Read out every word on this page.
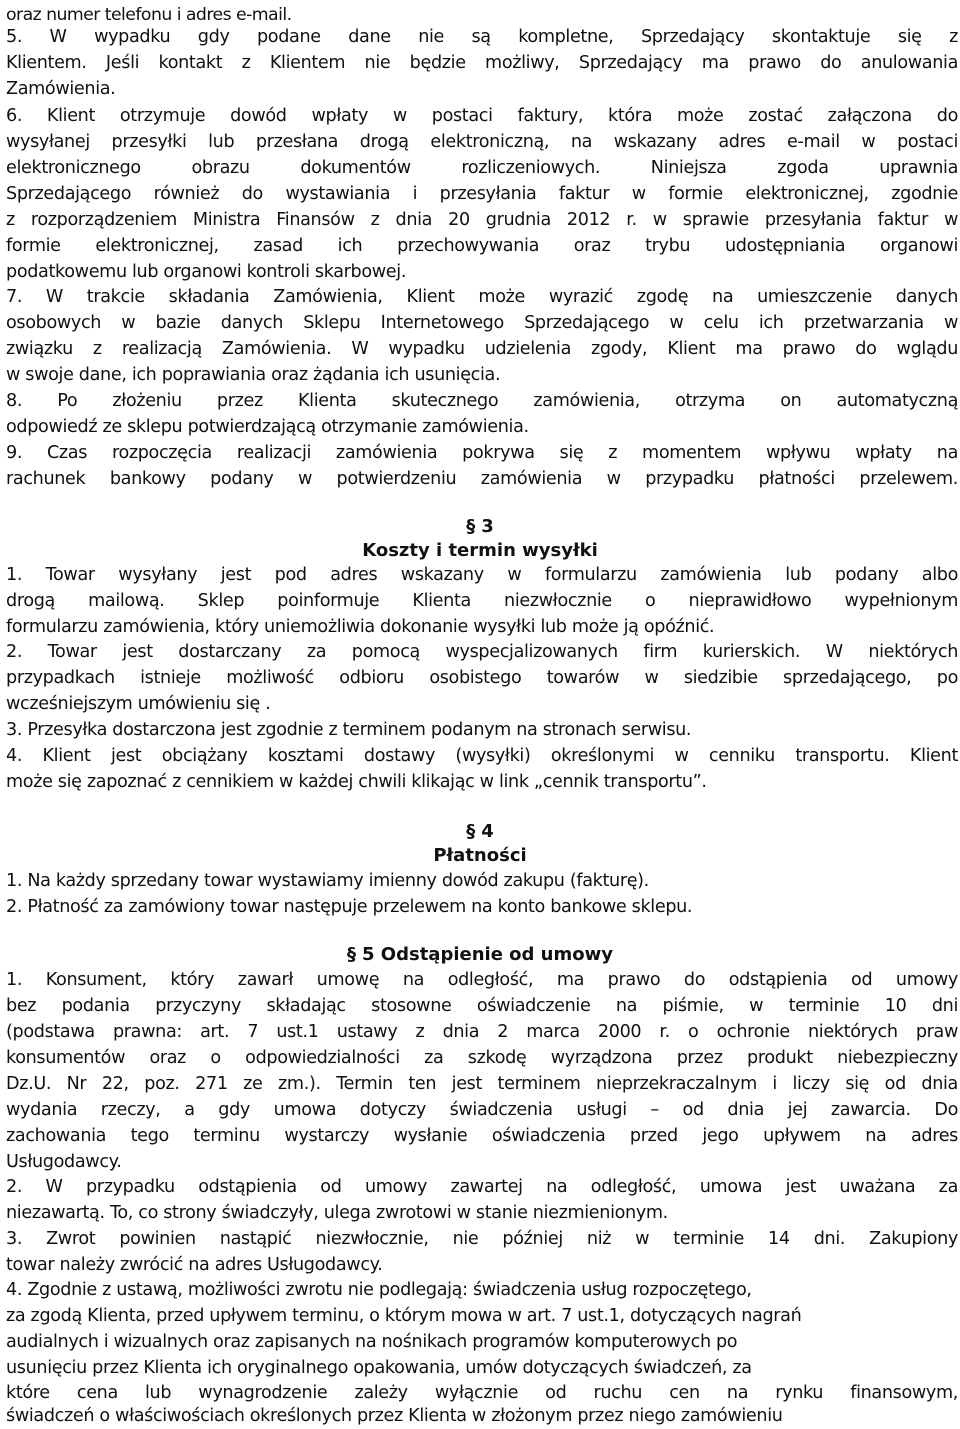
oraz numer telefonu i adres e-mail.
5. W wypadku gdy podane dane nie są kompletne, Sprzedający skontaktuje się z
Klientem. Jeśli kontakt z Klientem nie będzie możliwy, Sprzedający ma prawo do anulowania
Zamówienia.
6. Klient otrzymuje dowód wpłaty w postaci faktury, która może zostać załączona do
wysyłanej przesyłki lub przesłana drogą elektroniczną, na wskazany adres e-mail w postaci
elektronicznego obrazu dokumentów rozliczeniowych. Niniejsza zgoda uprawnia
Sprzedającego również do wystawiania i przesyłania faktur w formie elektronicznej, zgodnie
z rozporządzeniem Ministra Finansów z dnia 20 grudnia 2012 r. w sprawie przesyłania faktur w
formie elektronicznej, zasad ich przechowywania oraz trybu udostępniania organowi
podatkowemu lub organowi kontroli skarbowej.
7. W trakcie składania Zamówienia, Klient może wyrazić zgodę na umieszczenie danych
osobowych w bazie danych Sklepu Internetowego Sprzedającego w celu ich przetwarzania w
związku z realizacją Zamówienia. W wypadku udzielenia zgody, Klient ma prawo do wglądu
w swoje dane, ich poprawiania oraz żądania ich usunięcia.
8. Po złożeniu przez Klienta skutecznego zamówienia, otrzyma on automatyczną
odpowiedź ze sklepu potwierdzającą otrzymanie zamówienia.
9. Czas rozpoczęcia realizacji zamówienia pokrywa się z momentem wpływu wpłaty na
rachunek bankowy podany w potwierdzeniu zamówienia w przypadku płatności przelewem.
§ 3
Koszty i termin wysyłki
1. Towar wysyłany jest pod adres wskazany w formularzu zamówienia lub podany albo
drogą mailową. Sklep poinformuje Klienta niezwłocznie o nieprawidłowo wypełnionym
formularzu zamówienia, który uniemożliwia dokonanie wysyłki lub może ją opóźnić.
2. Towar jest dostarczany za pomocą wyspecjalizowanych firm kurierskich. W niektórych
przypadkach istnieje możliwość odbioru osobistego towarów w siedzibie sprzedającego, po
wcześniejszym umówieniu się .
3. Przesyłka dostarczona jest zgodnie z terminem podanym na stronach serwisu.
4. Klient jest obciążany kosztami dostawy (wysyłki) określonymi w cenniku transportu. Klient
może się zapoznać z cennikiem w każdej chwili klikając w link „cennik transportu”.
§ 4
Płatności
1. Na każdy sprzedany towar wystawiamy imienny dowód zakupu (fakturę).
2. Płatność za zamówiony towar następuje przelewem na konto bankowe sklepu.
§ 5 Odstąpienie od umowy
1. Konsument, który zawarł umowę na odległość, ma prawo do odstąpienia od umowy
bez podania przyczyny składając stosowne oświadczenie na piśmie, w terminie 10 dni
(podstawa prawna: art. 7 ust.1 ustawy z dnia 2 marca 2000 r. o ochronie niektórych praw
konsumentów oraz o odpowiedzialności za szkodę wyrządzona przez produkt niebezpieczny
Dz.U. Nr 22, poz. 271 ze zm.). Termin ten jest terminem nieprzekraczalnym i liczy się od dnia
wydania rzeczy, a gdy umowa dotyczy świadczenia usługi – od dnia jej zawarcia. Do
zachowania tego terminu wystarczy wysłanie oświadczenia przed jego upływem na adres
Usługodawcy.
2. W przypadku odstąpienia od umowy zawartej na odległość, umowa jest uważana za
niezawartą. To, co strony świadczyły, ulega zwrotowi w stanie niezmienionym.
3. Zwrot powinien nastąpić niezwłocznie, nie później niż w terminie 14 dni. Zakupiony
towar należy zwrócić na adres Usługodawcy.
4. Zgodnie z ustawą, możliwości zwrotu nie podlegają: świadczenia usług rozpoczętego,
za zgodą Klienta, przed upływem terminu, o którym mowa w art. 7 ust.1, dotyczących nagrań
audialnych i wizualnych oraz zapisanych na nośnikach programów komputerowych po
usunięciu przez Klienta ich oryginalnego opakowania, umów dotyczących świadczeń, za
które cena lub wynagrodzenie zależy wyłącznie od ruchu cen na rynku finansowym,
świadczeń o właściwościach określonych przez Klienta w złożonym przez niego zamówieniu
